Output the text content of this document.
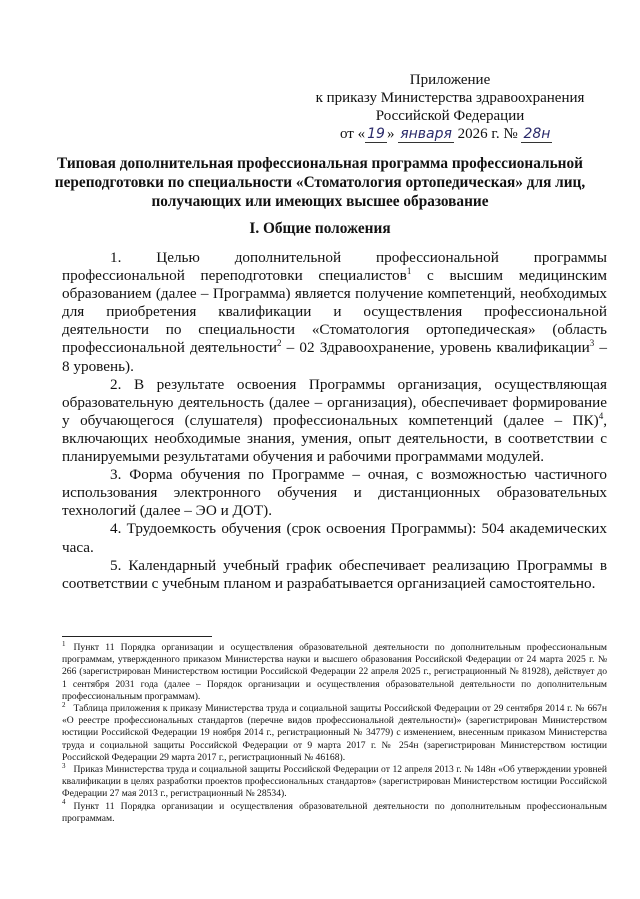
Приложение
к приказу Министерства здравоохранения
Российской Федерации
от « 19 » января 2026 г. № 28н
Типовая дополнительная профессиональная программа профессиональной переподготовки по специальности «Стоматология ортопедическая» для лиц, получающих или имеющих высшее образование
I. Общие положения

1. Целью дополнительной профессиональной программы профессиональной переподготовки специалистов$^1$ с высшим медицинским образованием (далее – Программа) является получение компетенций, необходимых для приобретения квалификации и осуществления профессиональной деятельности по специальности «Стоматология ортопедическая» (область профессиональной деятельности$^2$ – 02 Здравоохранение, уровень квалификации$^3$ – 8 уровень).

2. В результате освоения Программы организация, осуществляющая образовательную деятельность (далее – организация), обеспечивает формирование у обучающегося (слушателя) профессиональных компетенций (далее – ПК)$^4$, включающих необходимые знания, умения, опыт деятельности, в соответствии с планируемыми результатами обучения и рабочими программами модулей.

3. Форма обучения по Программе – очная, с возможностью частичного использования электронного обучения и дистанционных образовательных технологий (далее – ЭО и ДОТ).

4. Трудоемкость обучения (срок освоения Программы): 504 академических часа.

5. Календарный учебный график обеспечивает реализацию Программы в соответствии с учебным планом и разрабатывается организацией самостоятельно.

$^1$ Пункт 11 Порядка организации и осуществления образовательной деятельности по дополнительным профессиональным программам, утвержденного приказом Министерства науки и высшего образования Российской Федерации от 24 марта 2025 г. № 266 (зарегистрирован Министерством юстиции Российской Федерации 22 апреля 2025 г., регистрационный № 81928), действует до 1 сентября 2031 года (далее – Порядок организации и осуществления образовательной деятельности по дополнительным профессиональным программам).

$^2$ Таблица приложения к приказу Министерства труда и социальной защиты Российской Федерации от 29 сентября 2014 г. № 667н «О реестре профессиональных стандартов (перечне видов профессиональной деятельности)» (зарегистрирован Министерством юстиции Российской Федерации 19 ноября 2014 г., регистрационный № 34779) с изменением, внесенным приказом Министерства труда и социальной защиты Российской Федерации от 9 марта 2017 г. № 254н (зарегистрирован Министерством юстиции Российской Федерации 29 марта 2017 г., регистрационный № 46168).

$^3$ Приказ Министерства труда и социальной защиты Российской Федерации от 12 апреля 2013 г. № 148н «Об утверждении уровней квалификации в целях разработки проектов профессиональных стандартов» (зарегистрирован Министерством юстиции Российской Федерации 27 мая 2013 г., регистрационный № 28534).

$^4$ Пункт 11 Порядка организации и осуществления образовательной деятельности по дополнительным профессиональным программам.
